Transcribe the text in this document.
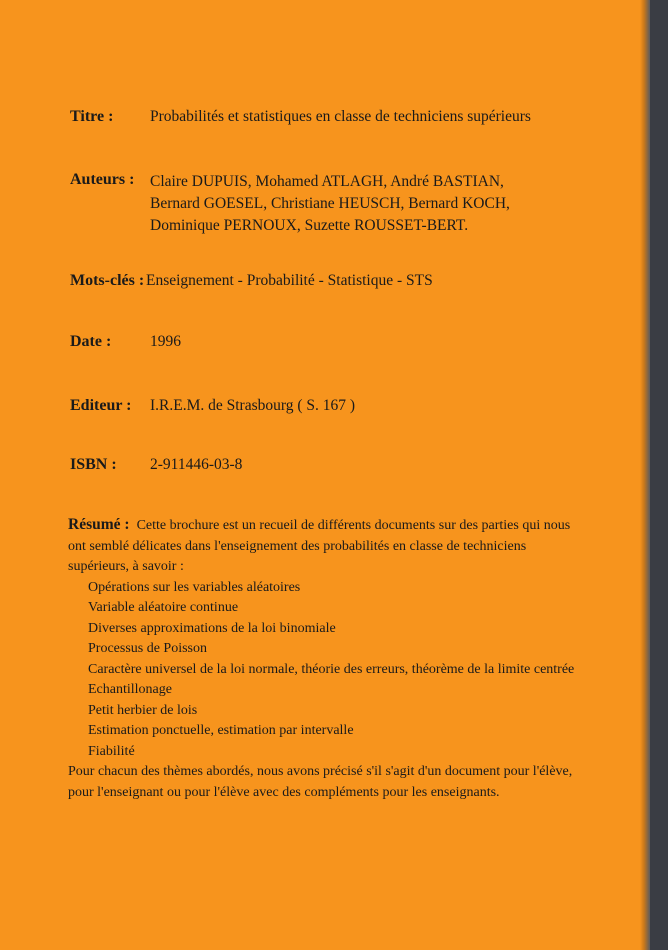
Titre : Probabilités et statistiques en classe de techniciens supérieurs
Auteurs : Claire DUPUIS, Mohamed ATLAGH, André BASTIAN,
Bernard GOESEL, Christiane HEUSCH, Bernard KOCH,
Dominique PERNOUX, Suzette ROUSSET-BERT.
Mots-clés : Enseignement - Probabilité - Statistique - STS
Date : 1996
Editeur : I.R.E.M. de Strasbourg ( S. 167 )
ISBN : 2-911446-03-8
Résumé : Cette brochure est un recueil de différents documents sur des parties qui nous ont semblé délicates dans l'enseignement des probabilités en classe de techniciens supérieurs, à savoir :
Opérations sur les variables aléatoires
Variable aléatoire continue
Diverses approximations de la loi binomiale
Processus de Poisson
Caractère universel de la loi normale, théorie des erreurs, théorème de la limite centrée
Echantillonage
Petit herbier de lois
Estimation ponctuelle, estimation par intervalle
Fiabilité
Pour chacun des thèmes abordés, nous avons précisé s'il s'agit d'un document pour l'élève, pour l'enseignant ou pour l'élève avec des compléments pour les enseignants.
